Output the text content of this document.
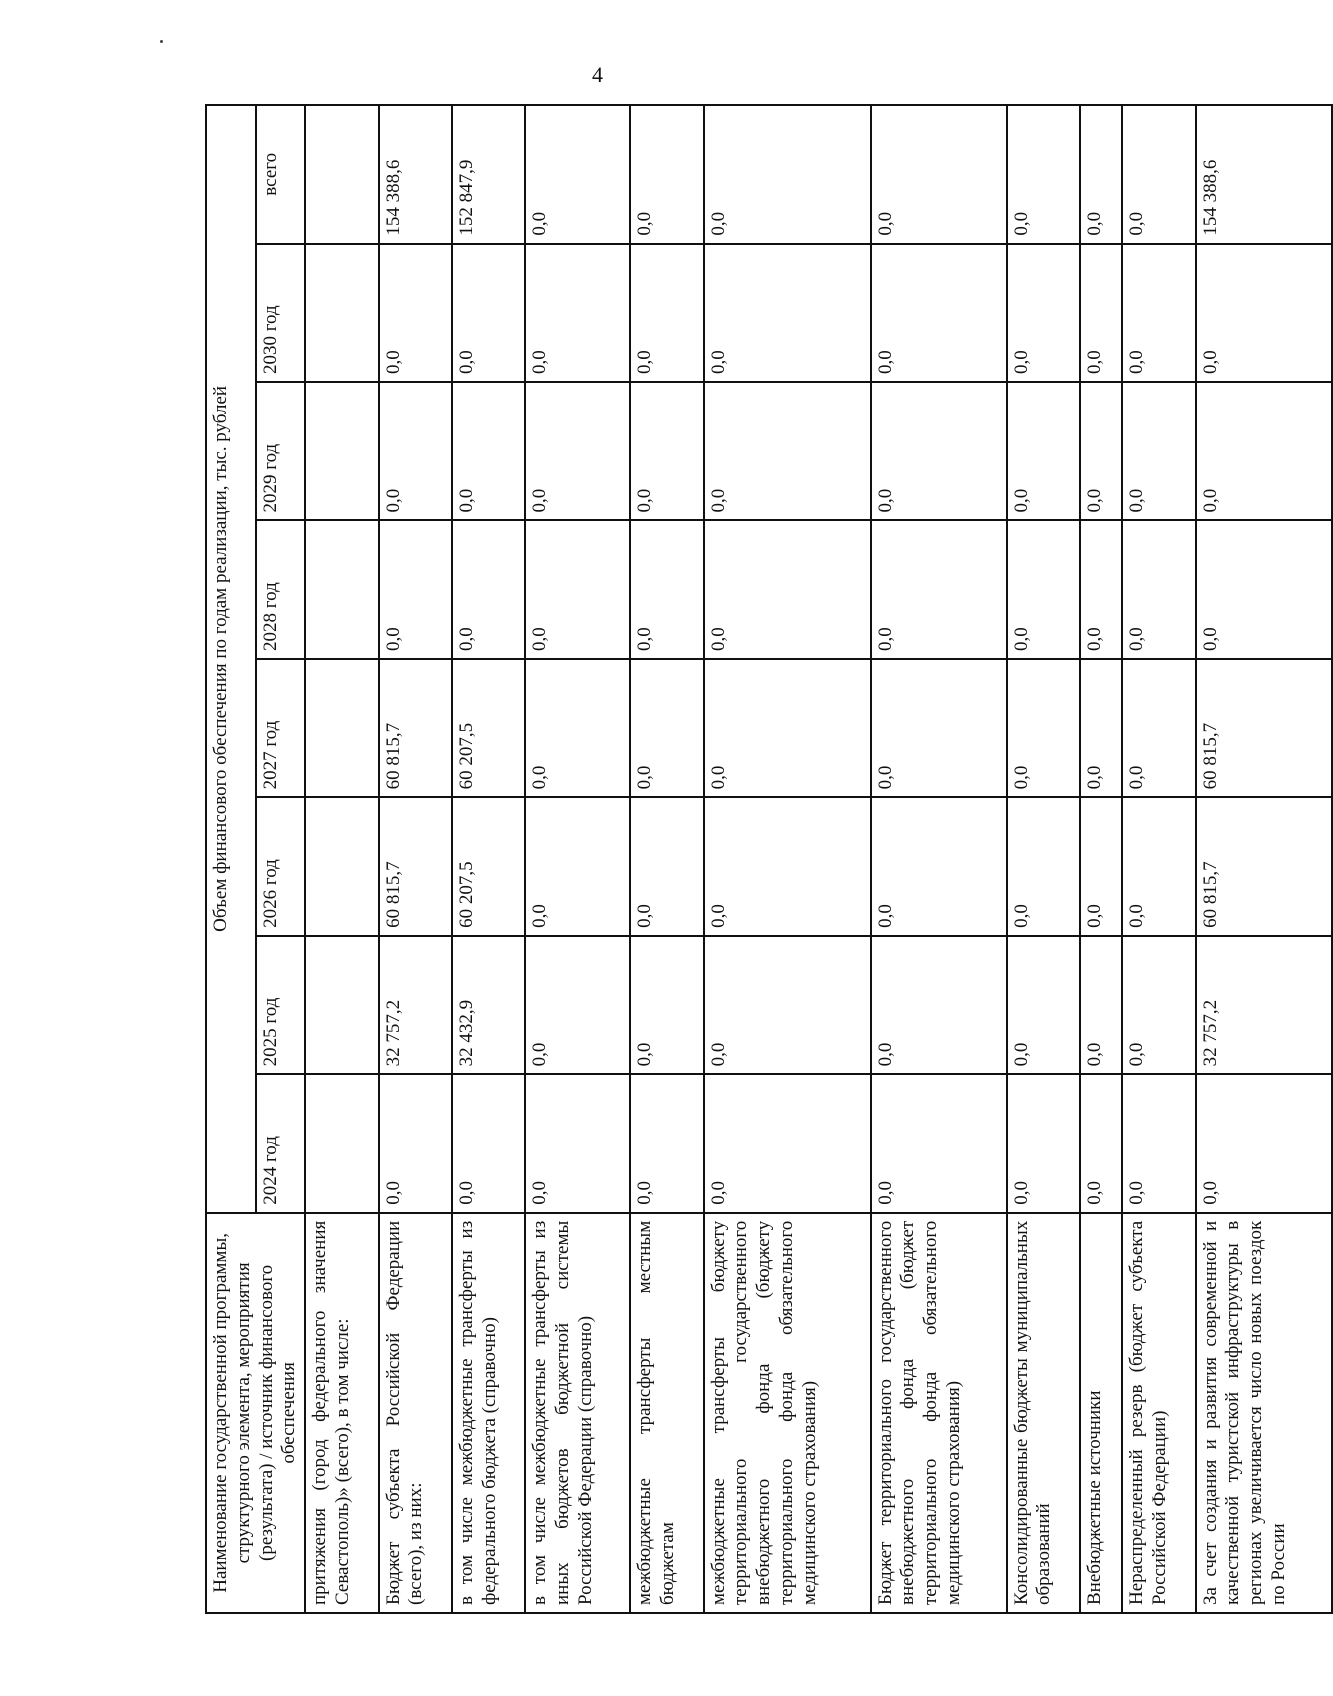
4
Наименование государственной программы, структурного элемента, мероприятия (результата) / источник финансового обеспечения	Объем финансового обеспечения по годам реализации, тыс. рублей							
	2024 год	2025 год	2026 год	2027 год	2028 год	2029 год	2030 год	всего
притяжения (город федерального значения Севастополь)» (всего), в том числе:								
Бюджет субъекта Российской Федерации (всего), из них:	0,0	32 757,2	60 815,7	60 815,7	0,0	0,0	0,0	154 388,6
в том числе межбюджетные трансферты из федерального бюджета (справочно)	0,0	32 432,9	60 207,5	60 207,5	0,0	0,0	0,0	152 847,9
в том числе межбюджетные трансферты из иных бюджетов бюджетной системы Российской Федерации (справочно)	0,0	0,0	0,0	0,0	0,0	0,0	0,0	0,0
межбюджетные трансферты местным бюджетам	0,0	0,0	0,0	0,0	0,0	0,0	0,0	0,0
межбюджетные трансферты бюджету территориального государственного внебюджетного фонда (бюджету территориального фонда обязательного медицинского страхования)	0,0	0,0	0,0	0,0	0,0	0,0	0,0	0,0
Бюджет территориального государственного внебюджетного фонда (бюджет территориального фонда обязательного медицинского страхования)	0,0	0,0	0,0	0,0	0,0	0,0	0,0	0,0
Консолидированные бюджеты муниципальных образований	0,0	0,0	0,0	0,0	0,0	0,0	0,0	0,0
Внебюджетные источники	0,0	0,0	0,0	0,0	0,0	0,0	0,0	0,0
Нераспределенный резерв (бюджет субъекта Российской Федерации)	0,0	0,0	0,0	0,0	0,0	0,0	0,0	0,0
За счет создания и развития современной и качественной туристской инфраструктуры в регионах увеличивается число новых поездок по России	0,0	32 757,2	60 815,7	60 815,7	0,0	0,0	0,0	154 388,6
